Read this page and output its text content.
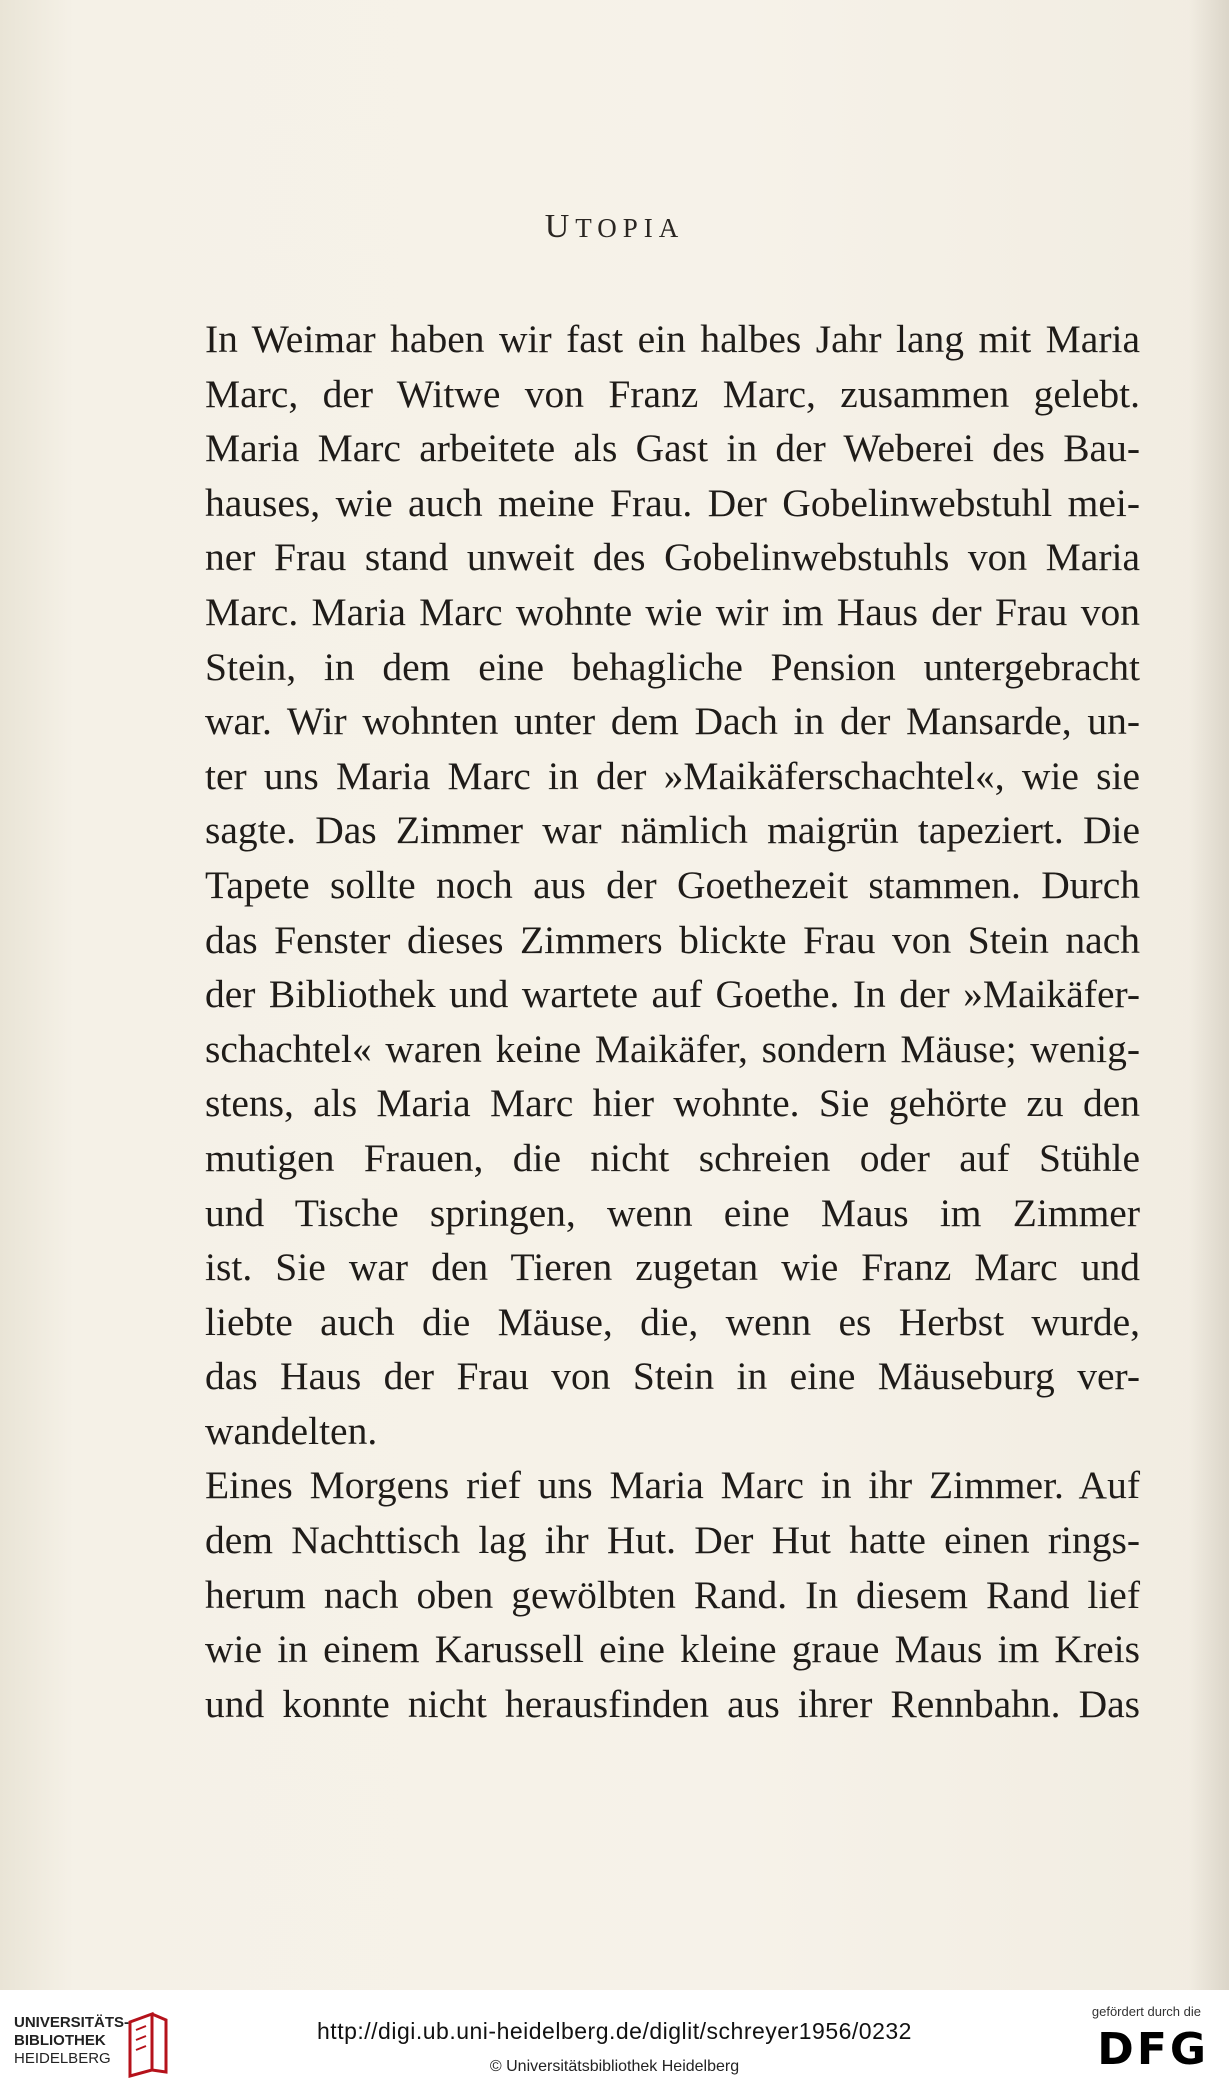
UTOPIA
In Weimar haben wir fast ein halbes Jahr lang mit Maria
Marc, der Witwe von Franz Marc, zusammen gelebt.
Maria Marc arbeitete als Gast in der Weberei des Bau-
hauses, wie auch meine Frau. Der Gobelinwebstuhl mei-
ner Frau stand unweit des Gobelinwebstuhls von Maria
Marc. Maria Marc wohnte wie wir im Haus der Frau von
Stein, in dem eine behagliche Pension untergebracht
war. Wir wohnten unter dem Dach in der Mansarde, un-
ter uns Maria Marc in der »Maikäferschachtel«, wie sie
sagte. Das Zimmer war nämlich maigrün tapeziert. Die
Tapete sollte noch aus der Goethezeit stammen. Durch
das Fenster dieses Zimmers blickte Frau von Stein nach
der Bibliothek und wartete auf Goethe. In der »Maikäfer-
schachtel« waren keine Maikäfer, sondern Mäuse; wenig-
stens, als Maria Marc hier wohnte. Sie gehörte zu den
mutigen Frauen, die nicht schreien oder auf Stühle
und Tische springen, wenn eine Maus im Zimmer
ist. Sie war den Tieren zugetan wie Franz Marc und
liebte auch die Mäuse, die, wenn es Herbst wurde,
das Haus der Frau von Stein in eine Mäuseburg ver-
wandelten.
Eines Morgens rief uns Maria Marc in ihr Zimmer. Auf
dem Nachttisch lag ihr Hut. Der Hut hatte einen rings-
herum nach oben gewölbten Rand. In diesem Rand lief
wie in einem Karussell eine kleine graue Maus im Kreis
und konnte nicht herausfinden aus ihrer Rennbahn. Das
UNIVERSITÄTS-
BIBLIOTHEK
HEIDELBERG
http://digi.ub.uni-heidelberg.de/diglit/schreyer1956/0232
© Universitätsbibliothek Heidelberg
gefördert durch die
DFG
